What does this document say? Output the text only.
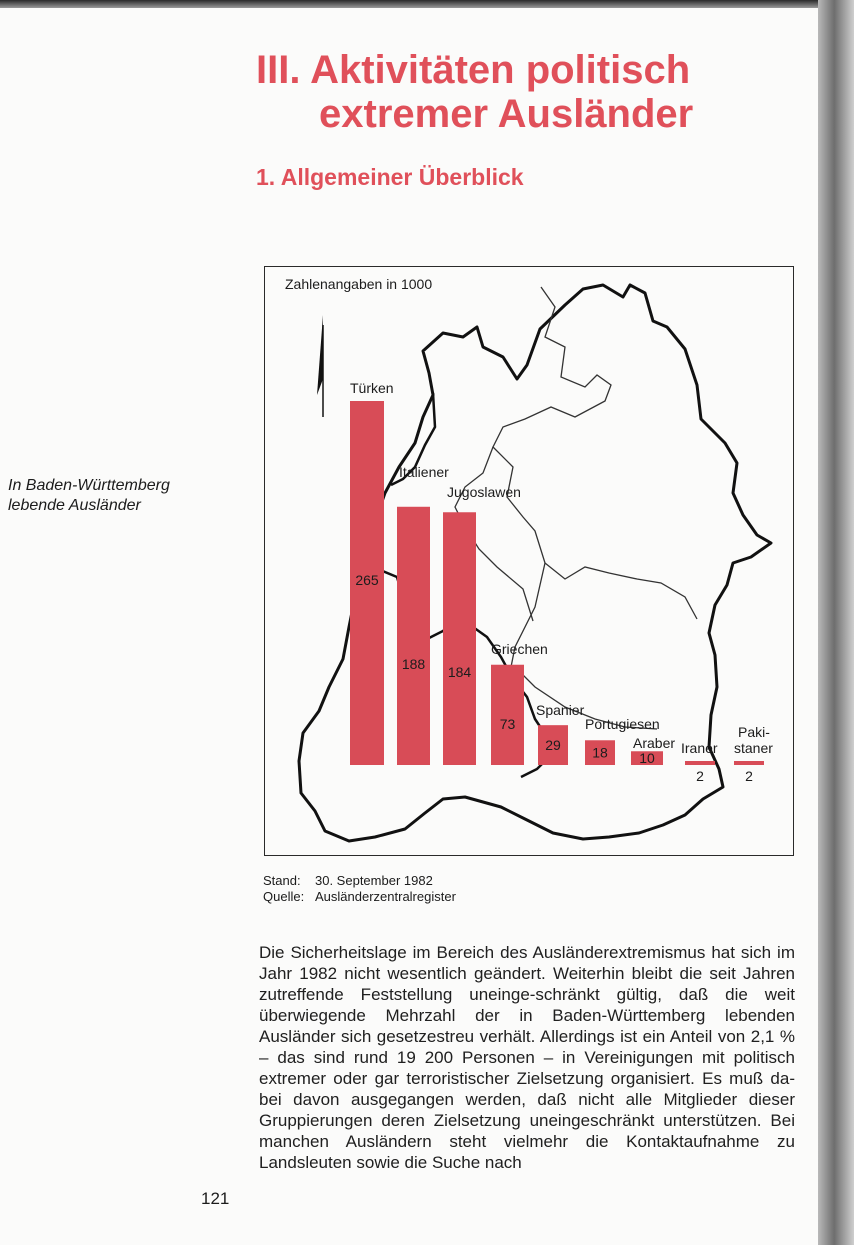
III. Aktivitäten politisch
extremer Ausländer
1. Allgemeiner Überblick
In Baden-Württemberg
lebende Ausländer
Zahlenangaben in 1000
265
Türken
188
Italiener
184
Jugoslawen
73
Griechen
29
Spanier
18
Portugiesen
10
Araber
2
Iraner
2
Paki-staner
Stand:	30. September 1982
Quelle: Ausländerzentralregister

Die Sicherheitslage im Bereich des Ausländerextremismus hat sich im Jahr 1982 nicht wesentlich geändert. Weiterhin bleibt die seit Jahren zutreffende Feststellung uneinge-schränkt gültig, daß die weit überwiegende Mehrzahl der in Baden-Württemberg lebenden Ausländer sich gesetzestreu verhält. Allerdings ist ein Anteil von 2,1 % – das sind rund 19 200 Personen – in Vereinigungen mit politisch extremer oder gar terroristischer Zielsetzung organisiert. Es muß da-bei davon ausgegangen werden, daß nicht alle Mitglieder dieser Gruppierungen deren Zielsetzung uneingeschränkt unterstützen. Bei manchen Ausländern steht vielmehr die Kontaktaufnahme zu Landsleuten sowie die Suche nach

121
